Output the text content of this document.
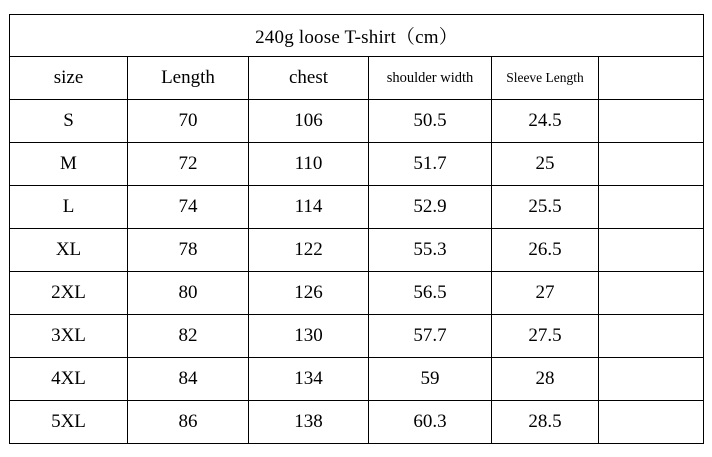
240g loose T-shirt（cm）					
size	Length	chest	shoulder width	Sleeve Length	
S	70	106	50.5	24.5	
M	72	110	51.7	25	
L	74	114	52.9	25.5	
XL	78	122	55.3	26.5	
2XL	80	126	56.5	27	
3XL	82	130	57.7	27.5	
4XL	84	134	59	28	
5XL	86	138	60.3	28.5	
